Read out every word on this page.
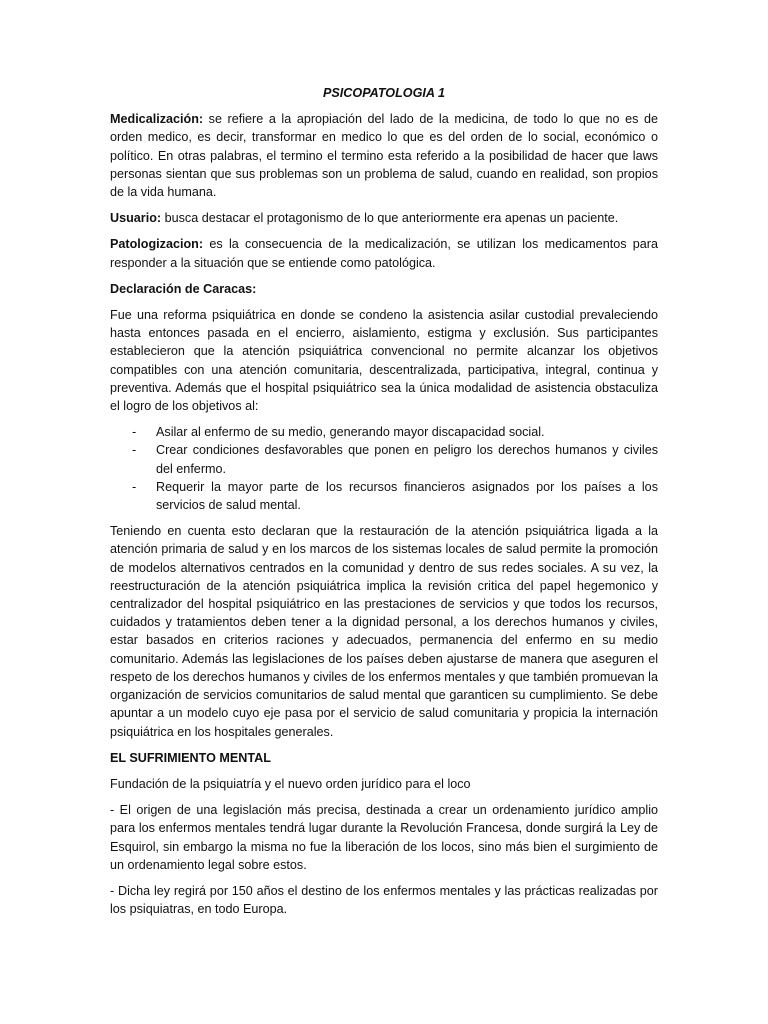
PSICOPATOLOGIA 1

Medicalización: se refiere a la apropiación del lado de la medicina, de todo lo que no es de orden medico, es decir, transformar en medico lo que es del orden de lo social, económico o político. En otras palabras, el termino el termino esta referido a la posibilidad de hacer que laws personas sientan que sus problemas son un problema de salud, cuando en realidad, son propios de la vida humana.

Usuario: busca destacar el protagonismo de lo que anteriormente era apenas un paciente.

Patologizacion: es la consecuencia de la medicalización, se utilizan los medicamentos para responder a la situación que se entiende como patológica.

Declaración de Caracas:

Fue una reforma psiquiátrica en donde se condeno la asistencia asilar custodial prevaleciendo hasta entonces pasada en el encierro, aislamiento, estigma y exclusión. Sus participantes establecieron que la atención psiquiátrica convencional no permite alcanzar los objetivos compatibles con una atención comunitaria, descentralizada, participativa, integral, continua y preventiva. Además que el hospital psiquiátrico sea la única modalidad de asistencia obstaculiza el logro de los objetivos al:

- Asilar al enfermo de su medio, generando mayor discapacidad social.
- Crear condiciones desfavorables que ponen en peligro los derechos humanos y civiles del enfermo.
- Requerir la mayor parte de los recursos financieros asignados por los países a los servicios de salud mental.

Teniendo en cuenta esto declaran que la restauración de la atención psiquiátrica ligada a la atención primaria de salud y en los marcos de los sistemas locales de salud permite la promoción de modelos alternativos centrados en la comunidad y dentro de sus redes sociales. A su vez, la reestructuración de la atención psiquiátrica implica la revisión critica del papel hegemonico y centralizador del hospital psiquiátrico en las prestaciones de servicios y que todos los recursos, cuidados y tratamientos deben tener a la dignidad personal, a los derechos humanos y civiles, estar basados en criterios raciones y adecuados, permanencia del enfermo en su medio comunitario. Además las legislaciones de los países deben ajustarse de manera que aseguren el respeto de los derechos humanos y civiles de los enfermos mentales y que también promuevan la organización de servicios comunitarios de salud mental que garanticen su cumplimiento. Se debe apuntar a un modelo cuyo eje pasa por el servicio de salud comunitaria y propicia la internación psiquiátrica en los hospitales generales.

EL SUFRIMIENTO MENTAL

Fundación de la psiquiatría y el nuevo orden jurídico para el loco

- El origen de una legislación más precisa, destinada a crear un ordenamiento jurídico amplio para los enfermos mentales tendrá lugar durante la Revolución Francesa, donde surgirá la Ley de Esquirol, sin embargo la misma no fue la liberación de los locos, sino más bien el surgimiento de un ordenamiento legal sobre estos.

- Dicha ley regirá por 150 años el destino de los enfermos mentales y las prácticas realizadas por los psiquiatras, en todo Europa.
